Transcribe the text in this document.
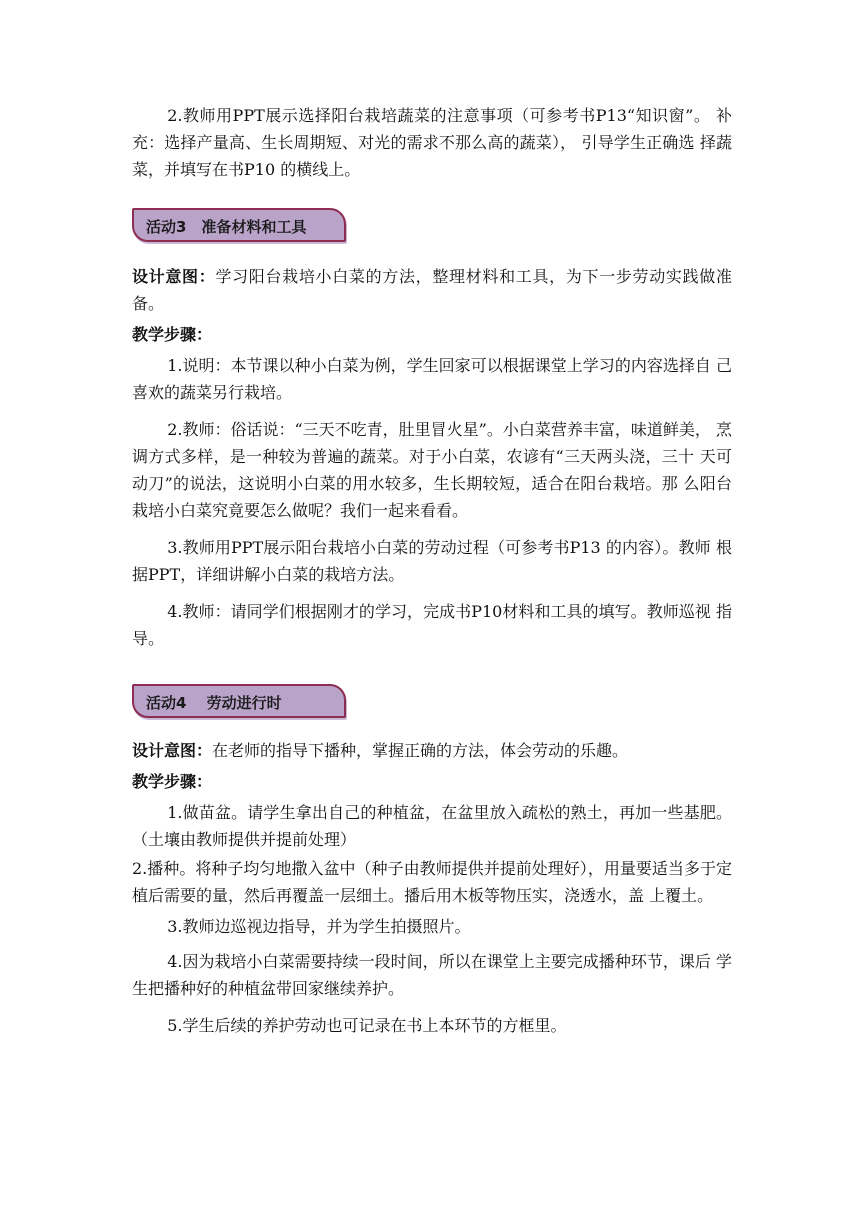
2.教师用PPT展示选择阳台栽培蔬菜的注意事项（可参考书P13“知识窗”。 补充：选择产量高、生长周期短、对光的需求不那么高的蔬菜）， 引导学生正确选 择蔬菜，并填写在书P10 的横线上。

活动3　准备材料和工具

设计意图：学习阳台栽培小白菜的方法，整理材料和工具，为下一步劳动实践做准 备。

教学步骤：

1.说明：本节课以种小白菜为例，学生回家可以根据课堂上学习的内容选择自 己喜欢的蔬菜另行栽培。

2.教师：俗话说：“三天不吃青，肚里冒火星”。小白菜营养丰富，味道鲜美， 烹调方式多样，是一种较为普遍的蔬菜。对于小白菜，农谚有“三天两头浇，三十 天可动刀”的说法，这说明小白菜的用水较多，生长期较短，适合在阳台栽培。那 么阳台栽培小白菜究竟要怎么做呢？我们一起来看看。

3.教师用PPT展示阳台栽培小白菜的劳动过程（可参考书P13 的内容）。教师 根据PPT，详细讲解小白菜的栽培方法。

4.教师：请同学们根据刚才的学习，完成书P10材料和工具的填写。教师巡视 指导。

活动4　 劳动进行时

设计意图：在老师的指导下播种，掌握正确的方法，体会劳动的乐趣。

教学步骤：

1.做苗盆。请学生拿出自己的种植盆，在盆里放入疏松的熟土，再加一些基肥。 （土壤由教师提供并提前处理）

2.播种。将种子均匀地撒入盆中（种子由教师提供并提前处理好），用量要适当多于定植后需要的量，然后再覆盖一层细土。播后用木板等物压实，浇透水，盖 上覆土。

3.教师边巡视边指导，并为学生拍摄照片。

4.因为栽培小白菜需要持续一段时间，所以在课堂上主要完成播种环节，课后 学生把播种好的种植盆带回家继续养护。

5.学生后续的养护劳动也可记录在书上本环节的方框里。
